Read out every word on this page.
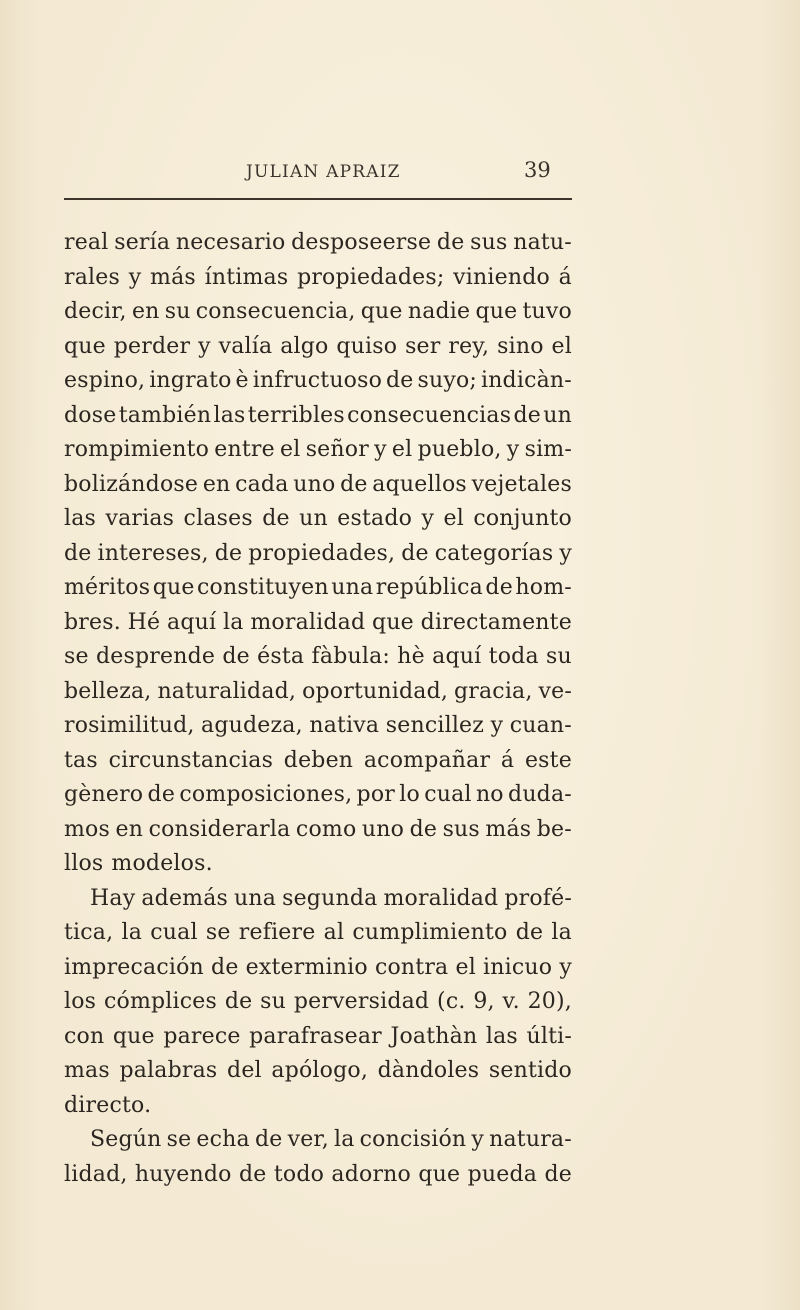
JULIAN APRAIZ	39
real sería necesario desposeerse de sus natu-
rales y más íntimas propiedades; viniendo á
decir, en su consecuencia, que nadie que tuvo
que perder y valía algo quiso ser rey, sino el
espino, ingrato è infructuoso de suyo; indicàn-
dose también las terribles consecuencias de un
rompimiento entre el señor y el pueblo, y sim-
bolizándose en cada uno de aquellos vejetales
las varias clases de un estado y el conjunto
de intereses, de propiedades, de categorías y
méritos que constituyen una república de hom-
bres. Hé aquí la moralidad que directamente
se desprende de ésta fàbula: hè aquí toda su
belleza, naturalidad, oportunidad, gracia, ve-
rosimilitud, agudeza, nativa sencillez y cuan-
tas circunstancias deben acompañar á este
gènero de composiciones, por lo cual no duda-
mos en considerarla como uno de sus más be-
llos modelos.
Hay además una segunda moralidad profé-
tica, la cual se refiere al cumplimiento de la
imprecación de exterminio contra el inicuo y
los cómplices de su perversidad (c. 9, v. 20),
con que parece parafrasear Joathàn las últi-
mas palabras del apólogo, dàndoles sentido
directo.
Según se echa de ver, la concisión y natura-
lidad, huyendo de todo adorno que pueda de
